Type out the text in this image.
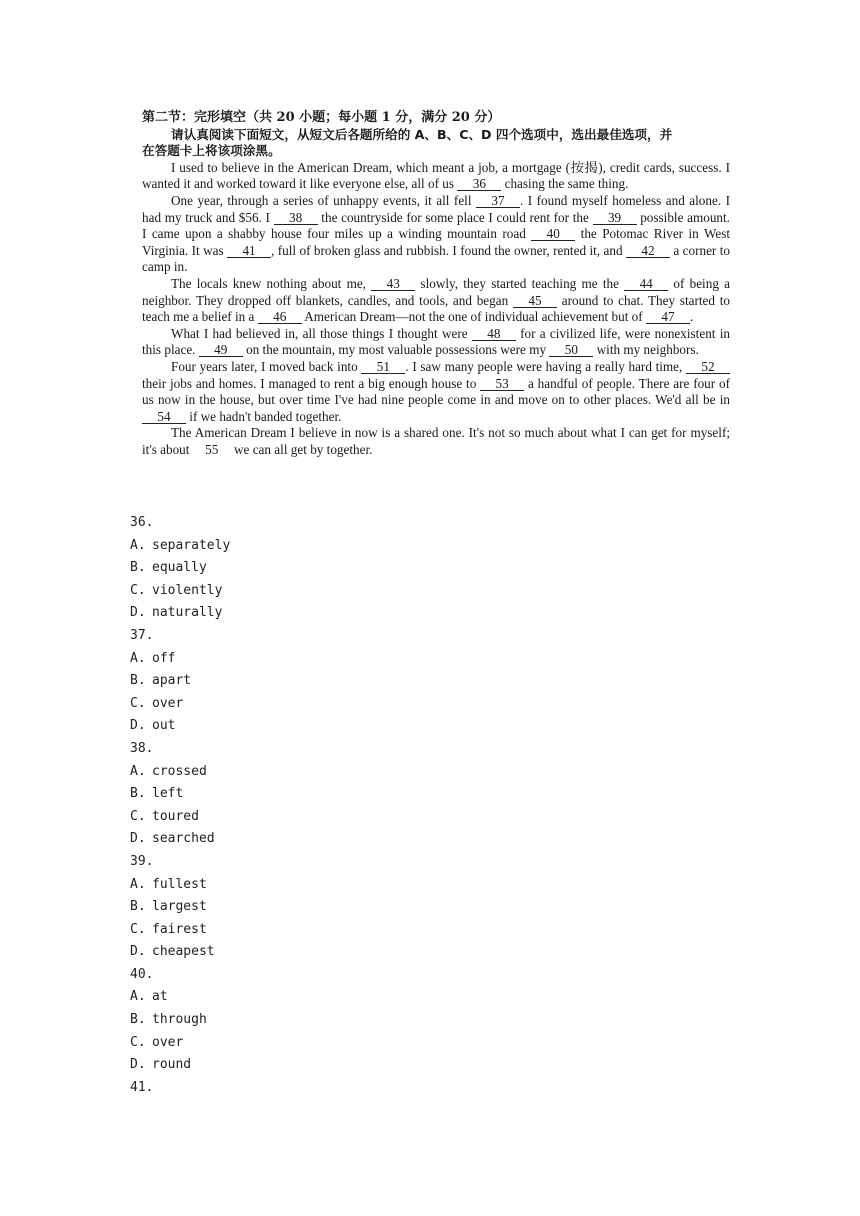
第二节：完形填空（共 20 小题；每小题 1 分，满分 20 分）

请认真阅读下面短文，从短文后各题所给的 A、B、C、D 四个选项中，选出最佳选项，并

在答题卡上将该项涂黑。

I used to believe in the American Dream, which meant a job, a mortgage (按揭), credit cards, success. I wanted it and worked toward it like everyone else, all of us 36 chasing the same thing.

One year, through a series of unhappy events, it all fell 37 . I found myself homeless and alone. I had my truck and $56. I 38 the countryside for some place I could rent for the 39 possible amount. I came upon a shabby house four miles up a winding mountain road 40 the Potomac River in West Virginia. It was 41 , full of broken glass and rubbish. I found the owner, rented it, and 42 a corner to camp in.

The locals knew nothing about me, 43 slowly, they started teaching me the 44 of being a neighbor. They dropped off blankets, candles, and tools, and began 45 around to chat. They started to teach me a belief in a 46 American Dream—not the one of individual achievement but of 47 .

What I had believed in, all those things I thought were 48 for a civilized life, were nonexistent in this place. 49 on the mountain, my most valuable possessions were my 50 with my neighbors.

Four years later, I moved back into 51 . I saw many people were having a really hard time, 52 their jobs and homes. I managed to rent a big enough house to 53 a handful of people. There are four of us now in the house, but over time I've had nine people come in and move on to other places. We'd all be in 54 if we hadn't banded together.

The American Dream I believe in now is a shared one. It's not so much about what I can get for myself; it's about 55 we can all get by together.

36.
A. separately
B. equally
C. violently
D. naturally
37.
A. off
B. apart
C. over
D. out
38.
A. crossed
B. left
C. toured
D. searched
39.
A. fullest
B. largest
C. fairest
D. cheapest
40.
A. at
B. through
C. over
D. round
41.
